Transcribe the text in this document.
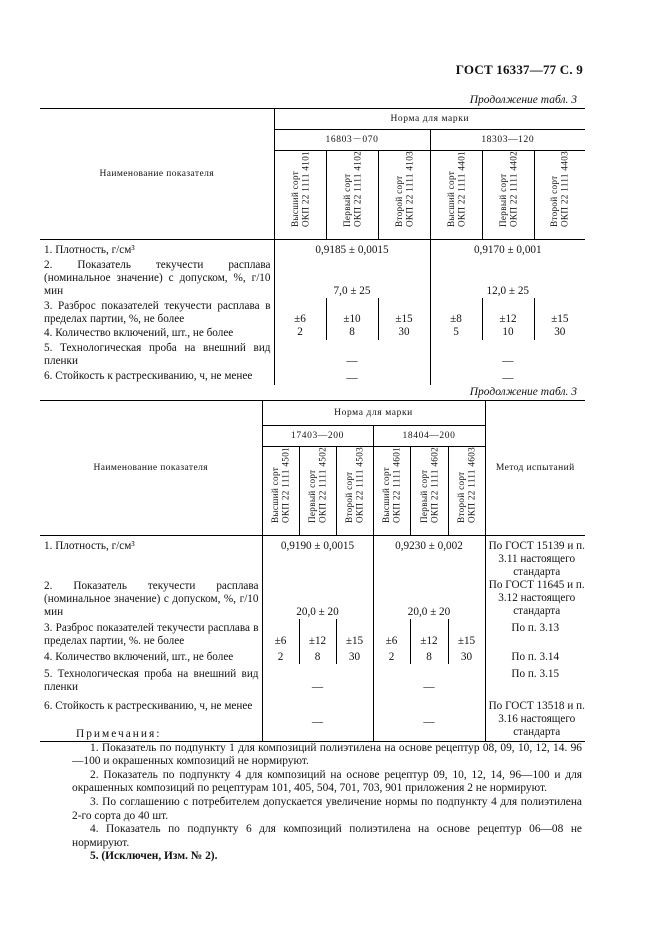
ГОСТ 16337—77 С. 9
Продолжение табл. 3
Наименование показателя	Норма для марки					
	16803－070			18303—120		
	Высший сорт
ОКП 22 1111 4101	Первый сорт
ОКП 22 1111 4102	Второй сорт
ОКП 22 1111 4103	Высший сорт
ОКП 22 1111 4401	Первый сорт
ОКП 22 1111 4402	Второй сорт
ОКП 22 1111 4403
1. Плотность, г/см³	0,9185 ± 0,0015			0,9170 ± 0,001		
2. Показатель текучести расплава (номинальное значение) с допуском, %, г/10 мин	7,0 ± 25			12,0 ± 25		
3. Разброс показателей текучести расплава в пределах партии, %, не более	±6	±10	±15	±8	±12	±15
4. Количество включений, шт., не более	2	8	30	5	10	30
5. Технологическая проба на внешний вид пленки	—			—		
6. Стойкость к растрескиванию, ч, не менее	—			—		
Продолжение табл. 3
Наименование показателя	Норма для марки						Метод испытаний
	17403—200			18404—200			
	Высший сорт
ОКП 22 1111 4501	Первый сорт
ОКП 22 1111 4502	Второй сорт
ОКП 22 1111 4503	Высший сорт
ОКП 22 1111 4601	Первый сорт
ОКП 22 1111 4602	Второй сорт
ОКП 22 1111 4603	
1. Плотность, г/см³	0,9190 ± 0,0015			0,9230 ± 0,002			По ГОСТ 15139 и п. 3.11 настоящего стандарта
2. Показатель текучести расплава (номинальное значение) с допуском, %, г/10 мин	20,0 ± 20			20,0 ± 20			По ГОСТ 11645 и п. 3.12 настоящего стандарта
3. Разброс показателей текучести расплава в пределах партии, %. не более	±6	±12	±15	±6	±12	±15	По п. 3.13
4. Количество включений, шт., не более	2	8	30	2	8	30	По п. 3.14
5. Технологическая проба на внешний вид пленки	—			—			По п. 3.15
6. Стойкость к растрескиванию, ч, не менее	—			—			По ГОСТ 13518 и п. 3.16 настоящего стандарта

Примечания:

1. Показатель по подпункту 1 для композиций полиэтилена на основе рецептур 08, 09, 10, 12, 14. 96—100 и окрашенных композиций не нормируют.

2. Показатель по подпункту 4 для композиций на основе рецептур 09, 10, 12, 14, 96—100 и для окрашенных композиций по рецептурам 101, 405, 504, 701, 703, 901 приложения 2 не нормируют.

3. По соглашению с потребителем допускается увеличение нормы по подпункту 4 для полиэтилена 2-го сорта до 40 шт.

4. Показатель по подпункту 6 для композиций полиэтилена на основе рецептур 06—08 не нормируют.

5. (Исключен, Изм. № 2).
